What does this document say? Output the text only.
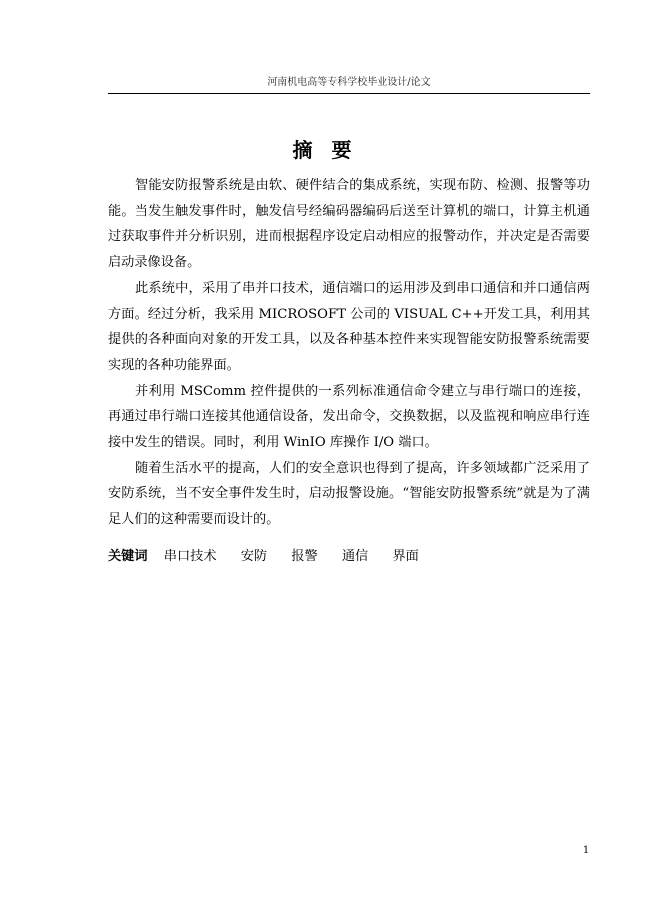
河南机电高等专科学校毕业设计/论文
摘 要

智能安防报警系统是由软、硬件结合的集成系统，实现布防、检测、报警等功能。当发生触发事件时，触发信号经编码器编码后送至计算机的端口，计算主机通过获取事件并分析识别，进而根据程序设定启动相应的报警动作，并决定是否需要启动录像设备。

此系统中，采用了串并口技术，通信端口的运用涉及到串口通信和并口通信两方面。经过分析，我采用 MICROSOFT 公司的 VISUAL C++开发工具，利用其提供的各种面向对象的开发工具，以及各种基本控件来实现智能安防报警系统需要实现的各种功能界面。

并利用 MSComm 控件提供的一系列标准通信命令建立与串行端口的连接，再通过串行端口连接其他通信设备，发出命令，交换数据，以及监视和响应串行连接中发生的错误。同时，利用 WinIO 库操作 I/O 端口。

随着生活水平的提高，人们的安全意识也得到了提高，许多领域都广泛采用了安防系统，当不安全事件发生时，启动报警设施。“智能安防报警系统”就是为了满足人们的这种需要而设计的。

关键词 串口技术 安防 报警 通信 界面
1
